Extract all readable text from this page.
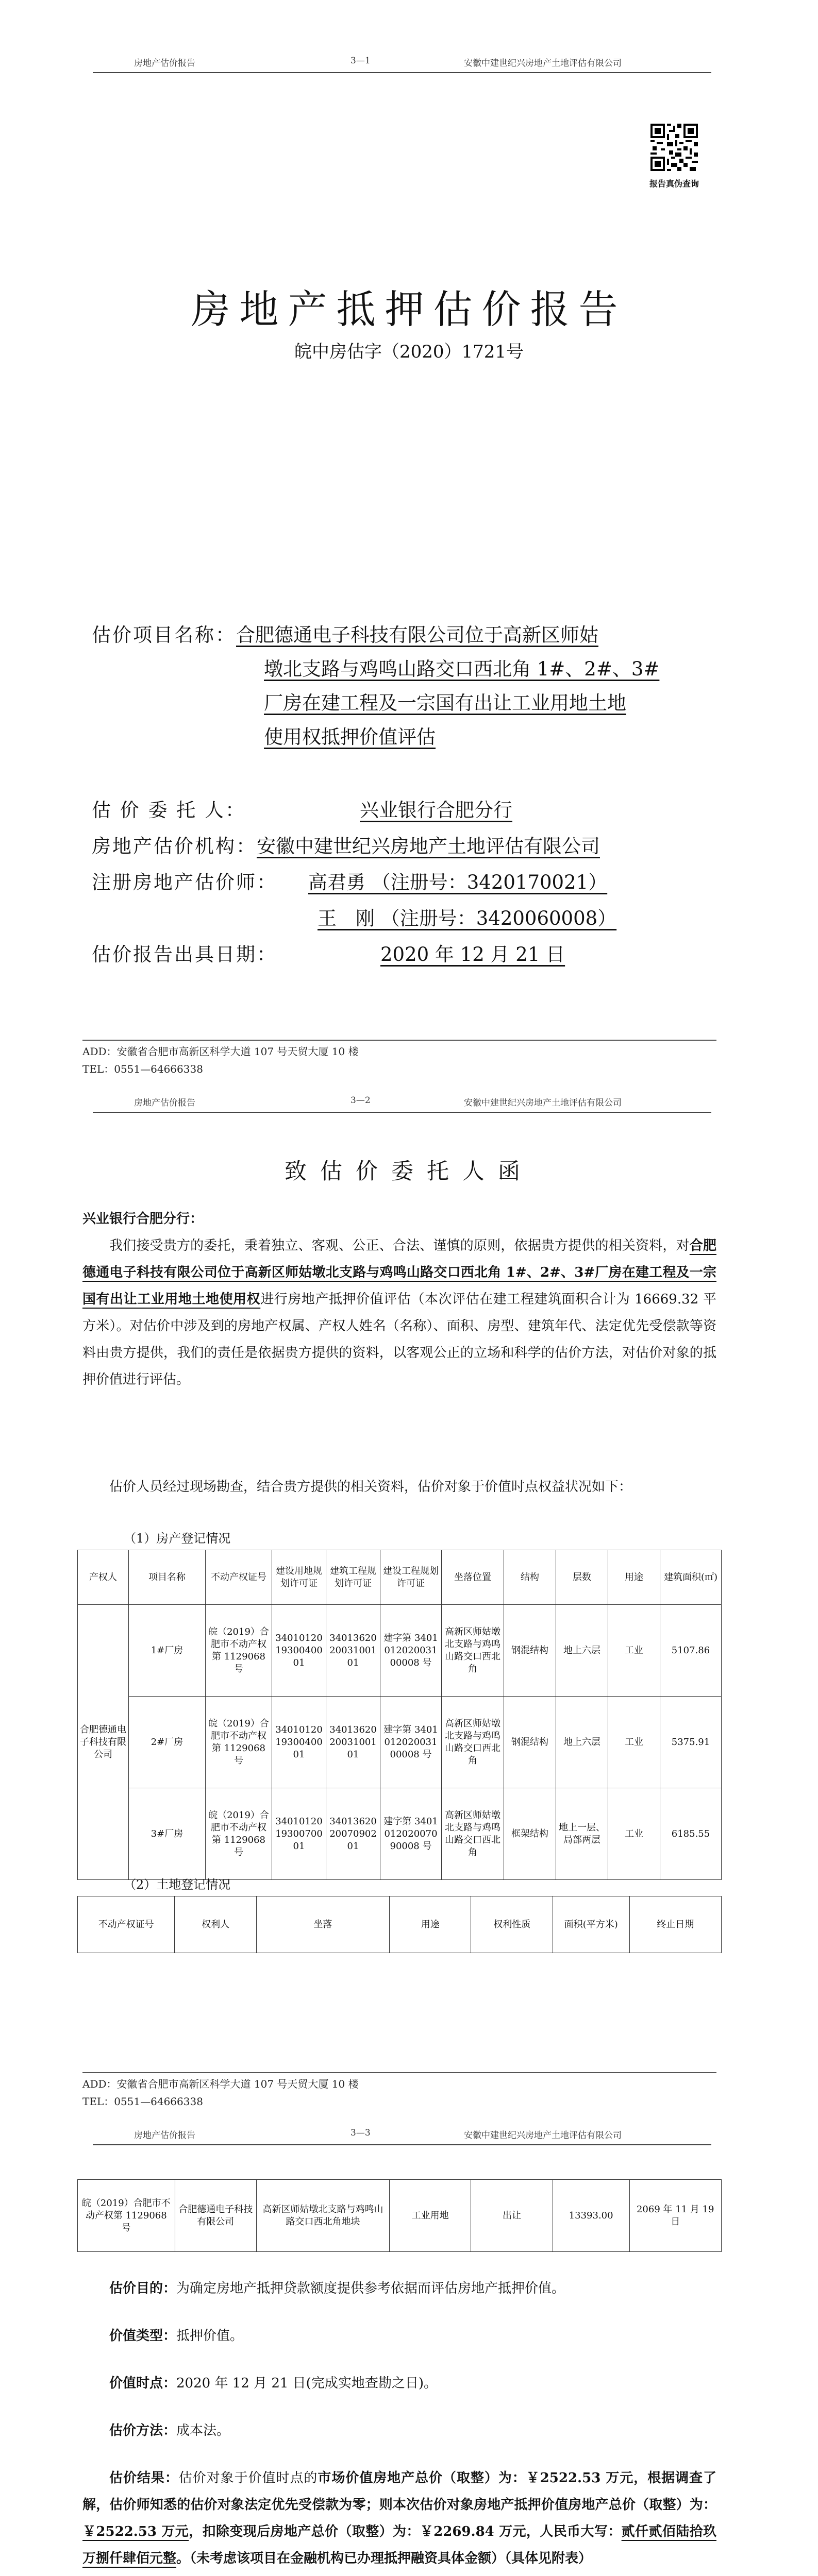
房地产估价报告	3—1	安徽中建世纪兴房地产土地评估有限公司
报告真伪查询
房地产抵押估价报告
皖中房估字（2020）1721号
估价项目名称：合肥德通电子科技有限公司位于高新区师姑
墩北支路与鸡鸣山路交口西北角 1#、2#、3#
厂房在建工程及一宗国有出让工业用地土地
使用权抵押价值评估
估 价 委 托 人：	兴业银行合肥分行
房地产估价机构：安徽中建世纪兴房地产土地评估有限公司
注册房地产估价师： 高君勇 （注册号：3420170021）
王　刚 （注册号：3420060008）
估价报告出具日期：	2020 年 12 月 21 日
ADD：安徽省合肥市高新区科学大道 107 号天贸大厦 10 楼
TEL：0551—64666338
房地产估价报告	3—2	安徽中建世纪兴房地产土地评估有限公司
致估价委托人函
兴业银行合肥分行：
我们接受贵方的委托，秉着独立、客观、公正、合法、谨慎的原则，依据贵方提供的相关资料，对合肥德通电子科技有限公司位于高新区师姑墩北支路与鸡鸣山路交口西北角 1#、2#、3#厂房在建工程及一宗国有出让工业用地土地使用权进行房地产抵押价值评估（本次评估在建工程建筑面积合计为 16669.32 平方米）。对估价中涉及到的房地产权属、产权人姓名（名称）、面积、房型、建筑年代、法定优先受偿款等资料由贵方提供，我们的责任是依据贵方提供的资料，以客观公正的立场和科学的估价方法，对估价对象的抵押价值进行评估。
估价人员经过现场勘查，结合贵方提供的相关资料，估价对象于价值时点权益状况如下：
（1）房产登记情况
产权人	项目名称	不动产权证号	建设用地规划许可证	建筑工程规划许可证	建设工程规划许可证	坐落位置	结构	层数	用途	建筑面积(㎡)
合肥德通电子科技有限公司	1#厂房	皖（2019）合肥市不动产权第 1129068 号	340101201930040001	340136202003100101	建字第 340101202003100008 号	高新区师姑墩北支路与鸡鸣山路交口西北角	钢混结构	地上六层	工业	5107.86
	2#厂房	皖（2019）合肥市不动产权第 1129068 号	340101201930040001	340136202003100101	建字第 340101202003100008 号	高新区师姑墩北支路与鸡鸣山路交口西北角	钢混结构	地上六层	工业	5375.91
	3#厂房	皖（2019）合肥市不动产权第 1129068 号	340101201930070001	340136202007090201	建字第 340101202007090008 号	高新区师姑墩北支路与鸡鸣山路交口西北角	框架结构	地上一层、局部两层	工业	6185.55
（2）土地登记情况
不动产权证号	权利人	坐落	用途	权利性质	面积(平方米)	终止日期
ADD：安徽省合肥市高新区科学大道 107 号天贸大厦 10 楼
TEL：0551—64666338
房地产估价报告	3—3	安徽中建世纪兴房地产土地评估有限公司
皖（2019）合肥市不动产权第 1129068 号	合肥德通电子科技有限公司	高新区师姑墩北支路与鸡鸣山路交口西北角地块	工业用地	出让	13393.00	2069 年 11 月 19 日
估价目的：为确定房地产抵押贷款额度提供参考依据而评估房地产抵押价值。
价值类型：抵押价值。
价值时点：2020 年 12 月 21 日(完成实地查勘之日)。
估价方法：成本法。
估价结果：估价对象于价值时点的市场价值房地产总价（取整）为：￥2522.53 万元，根据调查了解，估价师知悉的估价对象法定优先受偿款为零；则本次估价对象房地产抵押价值房地产总价（取整）为：￥2522.53 万元，扣除变现后房地产总价（取整）为：￥2269.84 万元，人民币大写：贰仟贰佰陆拾玖万捌仟肆佰元整。（未考虑该项目在金融机构已办理抵押融资具体金额）（具体见附表）
